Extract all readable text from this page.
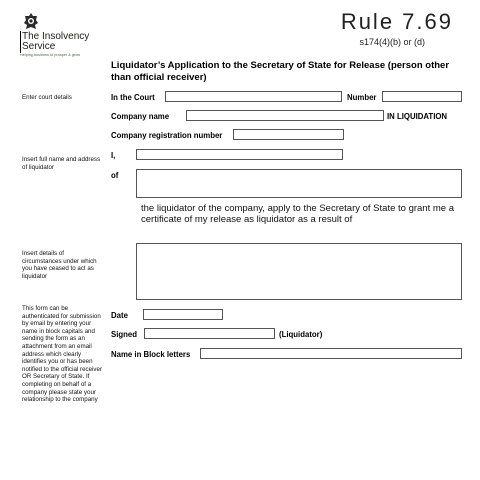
The Insolvency
Service
Helping business to prosper & grow
Rule 7.69
s174(4)(b) or (d)
Liquidator’s Application to the Secretary of State for Release (person other than official receiver)
Enter court details
Insert full name and address of liquidator
Insert details of circumstances under which you have ceased to act as liquidator
This form can be authenticated for submission by email by entering your name in block capitals and sending the form as an attachment from an email address which clearly identifies you or has been notified to the official receiver OR Secretary of State. If completing on behalf of a company please state your relationship to the company
In the Court	Number
Company name	IN LIQUIDATION
Company registration number
I,
of
the liquidator of the company, apply to the Secretary of State to grant me a certificate of my release as liquidator as a result of
Date
Signed	(Liquidator)
Name in Block letters
